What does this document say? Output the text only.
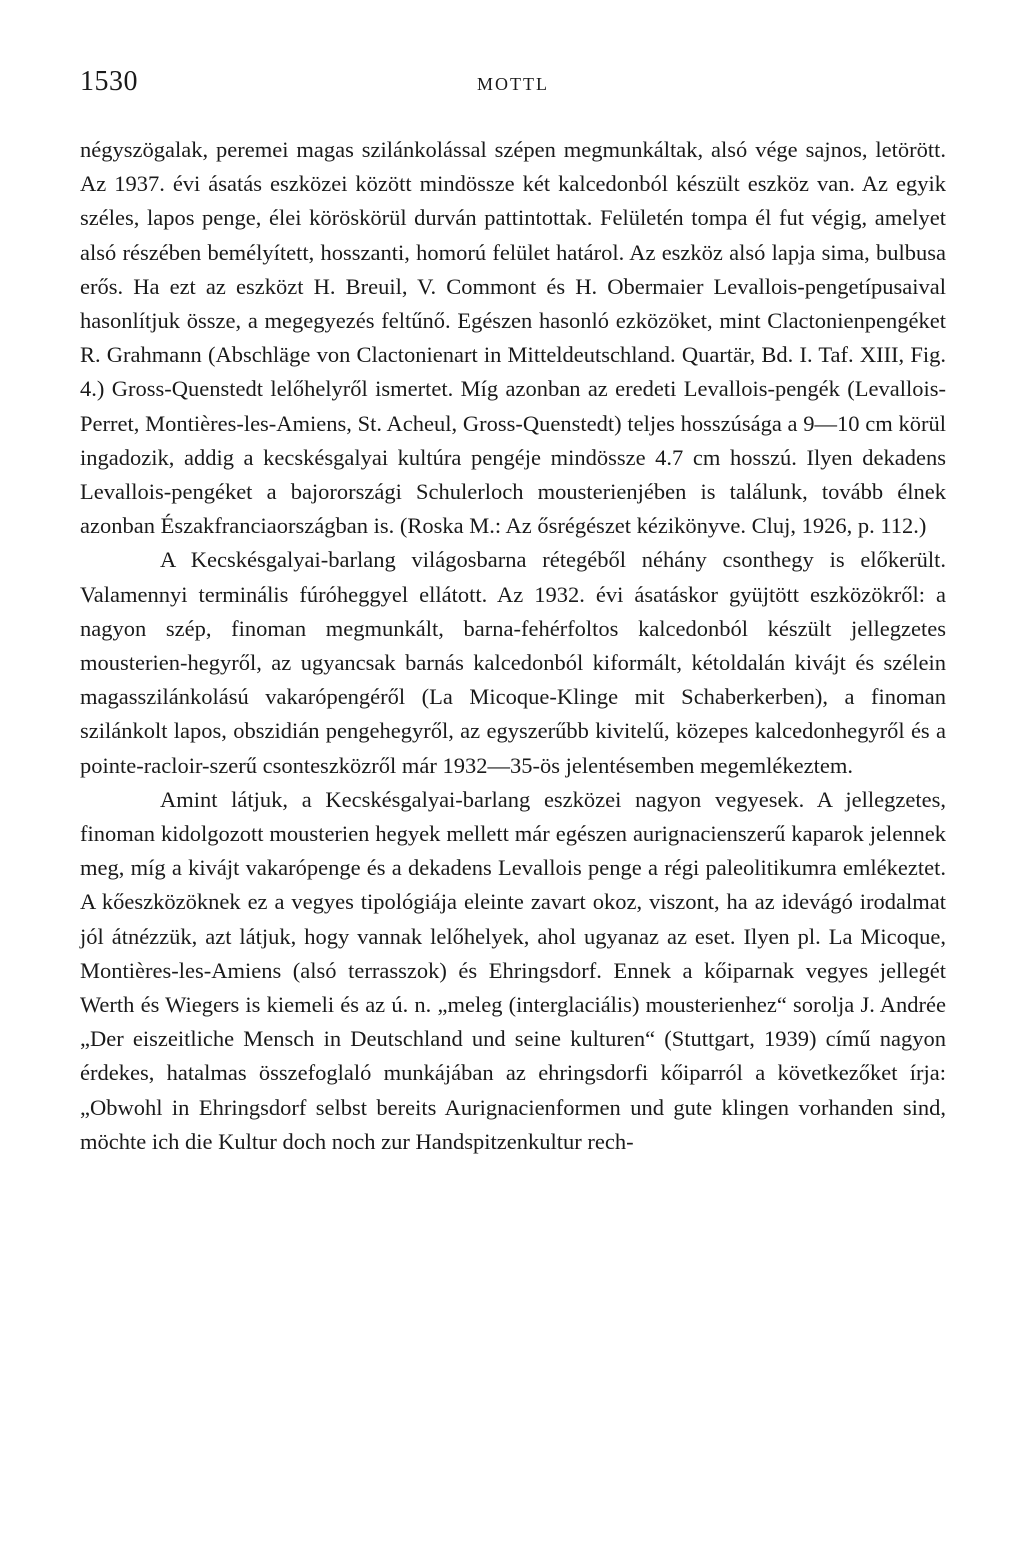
1530	MOTTL

négyszögalak, peremei magas szilánkolással szépen megmunkáltak, alsó vége sajnos, letörött. Az 1937. évi ásatás eszközei között mindössze két kalcedonból készült eszköz van. Az egyik széles, lapos penge, élei köröskörül durván pattintottak. Felületén tompa él fut végig, amelyet alsó részében bemélyített, hosszanti, homorú felület határol. Az eszköz alsó lapja sima, bulbusa erős. Ha ezt az eszközt H. Breuil, V. Commont és H. Obermaier Levallois-pengetípusaival hasonlítjuk össze, a megegyezés feltűnő. Egészen hasonló ezközöket, mint Clactonienpengéket R. Grahmann (Abschläge von Clactonienart in Mitteldeutschland. Quartär, Bd. I. Taf. XIII, Fig. 4.) Gross-Quenstedt lelőhelyről ismertet. Míg azonban az eredeti Levallois-pengék (Levallois-Perret, Montières-les-Amiens, St. Acheul, Gross-Quenstedt) teljes hosszúsága a 9—10 cm körül ingadozik, addig a kecskésgalyai kultúra pengéje mindössze 4.7 cm hosszú. Ilyen dekadens Levallois-pengéket a bajorországi Schulerloch mousterienjében is találunk, tovább élnek azonban Északfranciaországban is. (Roska M.: Az ősrégészet kézikönyve. Cluj, 1926, p. 112.)

A Kecskésgalyai-barlang világosbarna rétegéből néhány csonthegy is előkerült. Valamennyi terminális fúróheggyel ellátott. Az 1932. évi ásatáskor gyüjtött eszközökről: a nagyon szép, finoman megmunkált, barna-fehérfoltos kalcedonból készült jellegzetes mousterien-hegyről, az ugyancsak barnás kalcedonból kiformált, kétoldalán kivájt és szélein magasszilánkolású vakarópengéről (La Micoque-Klinge mit Schaberkerben), a finoman szilánkolt lapos, obszidián pengehegyről, az egyszerűbb kivitelű, közepes kalcedonhegyről és a pointe-racloir-szerű csonteszközről már 1932—35-ös jelentésemben megemlékeztem.

Amint látjuk, a Kecskésgalyai-barlang eszközei nagyon vegyesek. A jellegzetes, finoman kidolgozott mousterien hegyek mellett már egészen aurignacienszerű kaparok jelennek meg, míg a kivájt vakarópenge és a dekadens Levallois penge a régi paleolitikumra emlékeztet. A kőeszközöknek ez a vegyes tipológiája eleinte zavart okoz, viszont, ha az idevágó irodalmat jól átnézzük, azt látjuk, hogy vannak lelőhelyek, ahol ugyanaz az eset. Ilyen pl. La Micoque, Montières-les-Amiens (alsó terrasszok) és Ehringsdorf. Ennek a kőiparnak vegyes jellegét Werth és Wiegers is kiemeli és az ú. n. „meleg (interglaciális) mousterienhez“ sorolja J. Andrée „Der eiszeitliche Mensch in Deutschland und seine kulturen“ (Stuttgart, 1939) című nagyon érdekes, hatalmas összefoglaló munkájában az ehringsdorfi kőiparról a következőket írja: „Obwohl in Ehringsdorf selbst bereits Aurignacienformen und gute klingen vorhanden sind, möchte ich die Kultur doch noch zur Handspitzenkultur rech-
